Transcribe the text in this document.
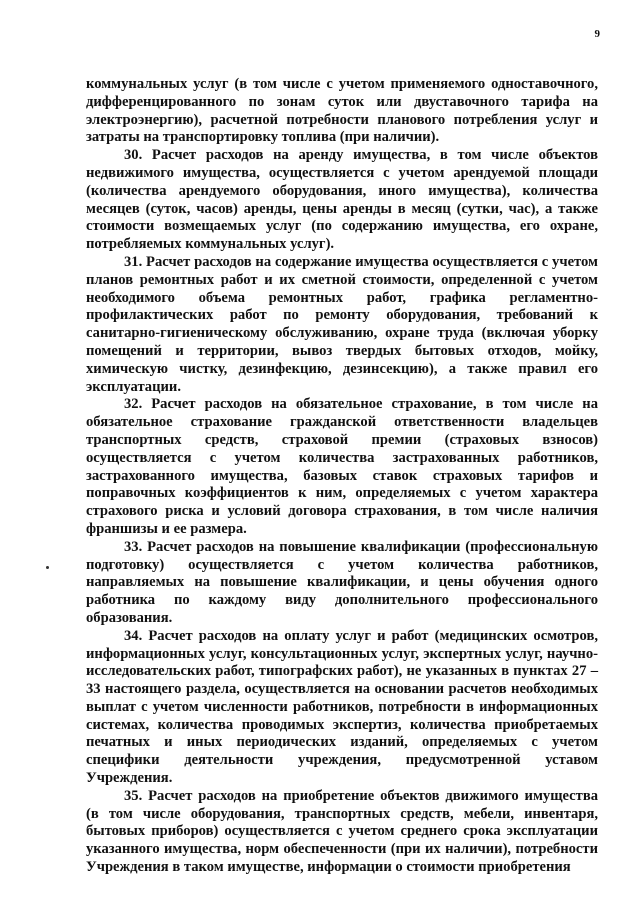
9

коммунальных услуг (в том числе с учетом применяемого одноставочного, дифференцированного по зонам суток или двуставочного тарифа на электроэнергию), расчетной потребности планового потребления услуг и затраты на транспортировку топлива (при наличии).

30. Расчет расходов на аренду имущества, в том числе объектов недвижимого имущества, осуществляется с учетом арендуемой площади (количества арендуемого оборудования, иного имущества), количества месяцев (суток, часов) аренды, цены аренды в месяц (сутки, час), а также стоимости возмещаемых услуг (по содержанию имущества, его охране, потребляемых коммунальных услуг).

31. Расчет расходов на содержание имущества осуществляется с учетом планов ремонтных работ и их сметной стоимости, определенной с учетом необходимого объема ремонтных работ, графика регламентно-профилактических работ по ремонту оборудования, требований к санитарно-гигиеническому обслуживанию, охране труда (включая уборку помещений и территории, вывоз твердых бытовых отходов, мойку, химическую чистку, дезинфекцию, дезинсекцию), а также правил его эксплуатации.

32. Расчет расходов на обязательное страхование, в том числе на обязательное страхование гражданской ответственности владельцев транспортных средств, страховой премии (страховых взносов) осуществляется с учетом количества застрахованных работников, застрахованного имущества, базовых ставок страховых тарифов и поправочных коэффициентов к ним, определяемых с учетом характера страхового риска и условий договора страхования, в том числе наличия франшизы и ее размера.

33. Расчет расходов на повышение квалификации (профессиональную подготовку) осуществляется с учетом количества работников, направляемых на повышение квалификации, и цены обучения одного работника по каждому виду дополнительного профессионального образования.

34. Расчет расходов на оплату услуг и работ (медицинских осмотров, информационных услуг, консультационных услуг, экспертных услуг, научно-исследовательских работ, типографских работ), не указанных в пунктах 27 – 33 настоящего раздела, осуществляется на основании расчетов необходимых выплат с учетом численности работников, потребности в информационных системах, количества проводимых экспертиз, количества приобретаемых печатных и иных периодических изданий, определяемых с учетом специфики деятельности учреждения, предусмотренной уставом Учреждения.

35. Расчет расходов на приобретение объектов движимого имущества (в том числе оборудования, транспортных средств, мебели, инвентаря, бытовых приборов) осуществляется с учетом среднего срока эксплуатации указанного имущества, норм обеспеченности (при их наличии), потребности Учреждения в таком имуществе, информации о стоимости приобретения
